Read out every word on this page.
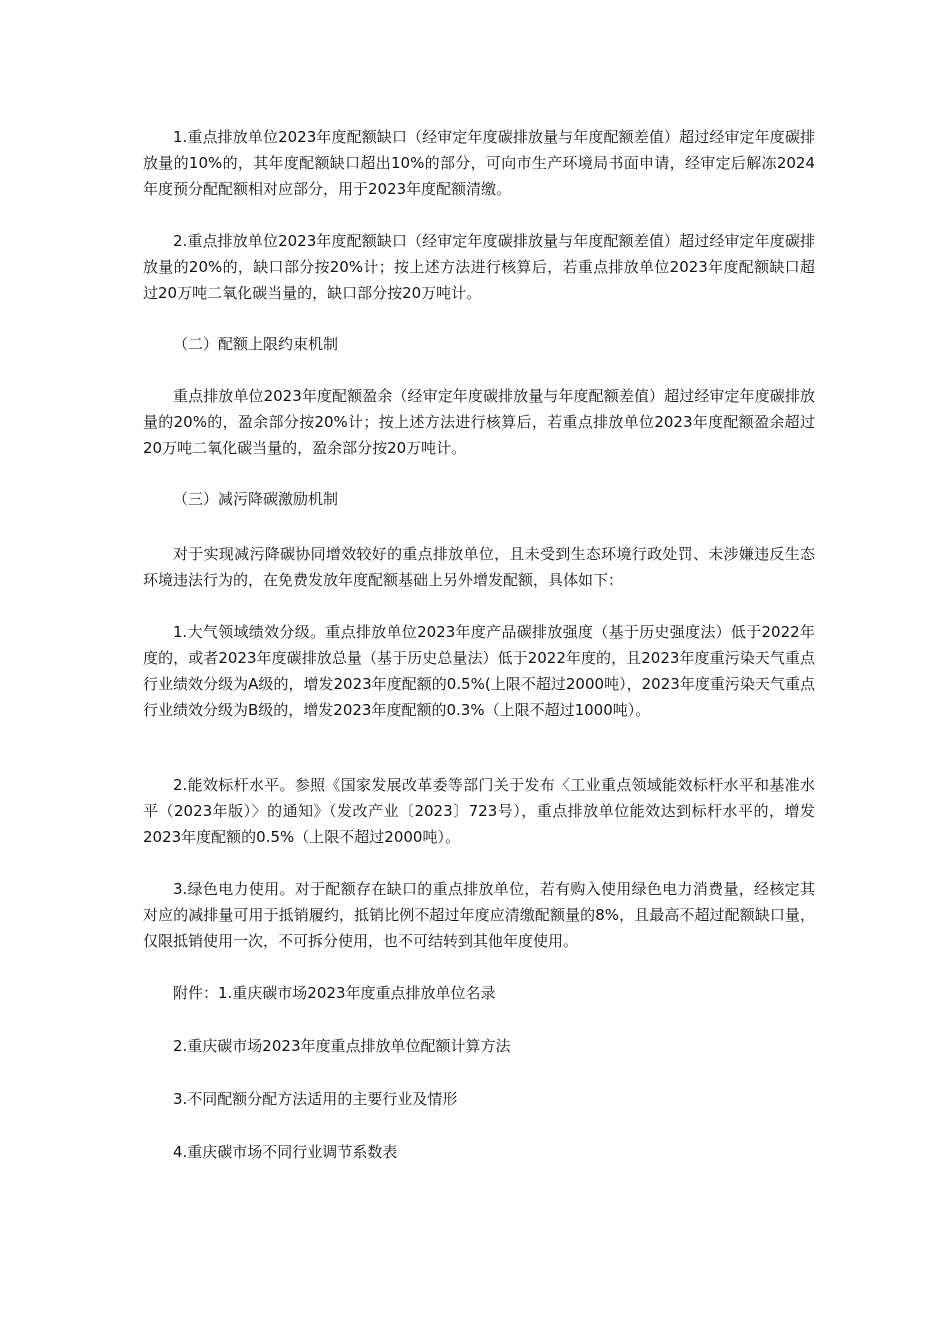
1.重点排放单位2023年度配额缺口（经审定年度碳排放量与年度配额差值）超过经审定年度碳排放量的10%的，其年度配额缺口超出10%的部分，可向市生产环境局书面申请，经审定后解冻2024年度预分配配额相对应部分，用于2023年度配额清缴。

2.重点排放单位2023年度配额缺口（经审定年度碳排放量与年度配额差值）超过经审定年度碳排放量的20%的，缺口部分按20%计；按上述方法进行核算后，若重点排放单位2023年度配额缺口超过20万吨二氧化碳当量的，缺口部分按20万吨计。

（二）配额上限约束机制

重点排放单位2023年度配额盈余（经审定年度碳排放量与年度配额差值）超过经审定年度碳排放量的20%的，盈余部分按20%计；按上述方法进行核算后，若重点排放单位2023年度配额盈余超过20万吨二氧化碳当量的，盈余部分按20万吨计。

（三）减污降碳激励机制

对于实现减污降碳协同增效较好的重点排放单位，且未受到生态环境行政处罚、未涉嫌违反生态环境违法行为的，在免费发放年度配额基础上另外增发配额，具体如下：

1.大气领域绩效分级。重点排放单位2023年度产品碳排放强度（基于历史强度法）低于2022年度的，或者2023年度碳排放总量（基于历史总量法）低于2022年度的，且2023年度重污染天气重点行业绩效分级为A级的，增发2023年度配额的0.5%(上限不超过2000吨），2023年度重污染天气重点行业绩效分级为B级的，增发2023年度配额的0.3%（上限不超过1000吨）。

2.能效标杆水平。参照《国家发展改革委等部门关于发布〈工业重点领域能效标杆水平和基准水平（2023年版）〉的通知》（发改产业〔2023〕723号），重点排放单位能效达到标杆水平的，增发2023年度配额的0.5%（上限不超过2000吨）。

3.绿色电力使用。对于配额存在缺口的重点排放单位，若有购入使用绿色电力消费量，经核定其对应的减排量可用于抵销履约，抵销比例不超过年度应清缴配额量的8%，且最高不超过配额缺口量，仅限抵销使用一次，不可拆分使用，也不可结转到其他年度使用。

附件：1.重庆碳市场2023年度重点排放单位名录

2.重庆碳市场2023年度重点排放单位配额计算方法

3.不同配额分配方法适用的主要行业及情形

4.重庆碳市场不同行业调节系数表
